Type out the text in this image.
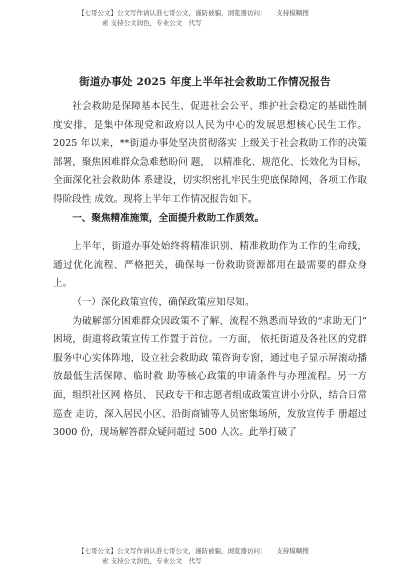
【七哥公文】公文写作请认准七哥公文，谨防被骗，浏览器访问：　　支持模糊搜
索 支持公文润色，专业公文　代写
街道办事处 2025 年度上半年社会救助工作情况报告

社会救助是保障基本民生、促进社会公平、维护社会稳定的基础性制度安排，是集中体现党和政府以人民为中心的发展思想核心民生工作。2025 年以来，**街道办事处坚决贯彻落实 上级关于社会救助工作的决策部署，聚焦困难群众急难愁盼问 题， 以精准化、规范化、长效化为目标，全面深化社会救助体 系建设，切实织密扎牢民生兜底保障网，各项工作取得阶段性 成效。现将上半年工作情况报告如下。

一、聚焦精准施策，全面提升救助工作质效。

上半年，街道办事处始终将精准识别、精准救助作为工作的生命线，通过优化流程、严格把关，确保每一份救助资源都用在最需要的群众身上。

（一）深化政策宣传，确保政策应知尽知。

为破解部分困难群众因政策不了解、流程不熟悉而导致的“求助无门” 困境，街道将政策宣传工作置于首位。一方面， 依托街道及各社区的党群服务中心实体阵地，设立社会救助政 策咨询专窗，通过电子显示屏滚动播放最低生活保障、临时救 助等核心政策的申请条件与办理流程。另一方面，组织社区网 格员、 民政专干和志愿者组成政策宣讲小分队，结合日常巡查 走访，深入居民小区、沿街商铺等人员密集场所，发放宣传手 册超过 3000 份，现场解答群众疑问超过 500 人次。此举打破了

【七哥公文】公文写作请认准七哥公文，谨防被骗，浏览器访问：　　支持模糊搜
索 支持公文润色，专业公文　代写
